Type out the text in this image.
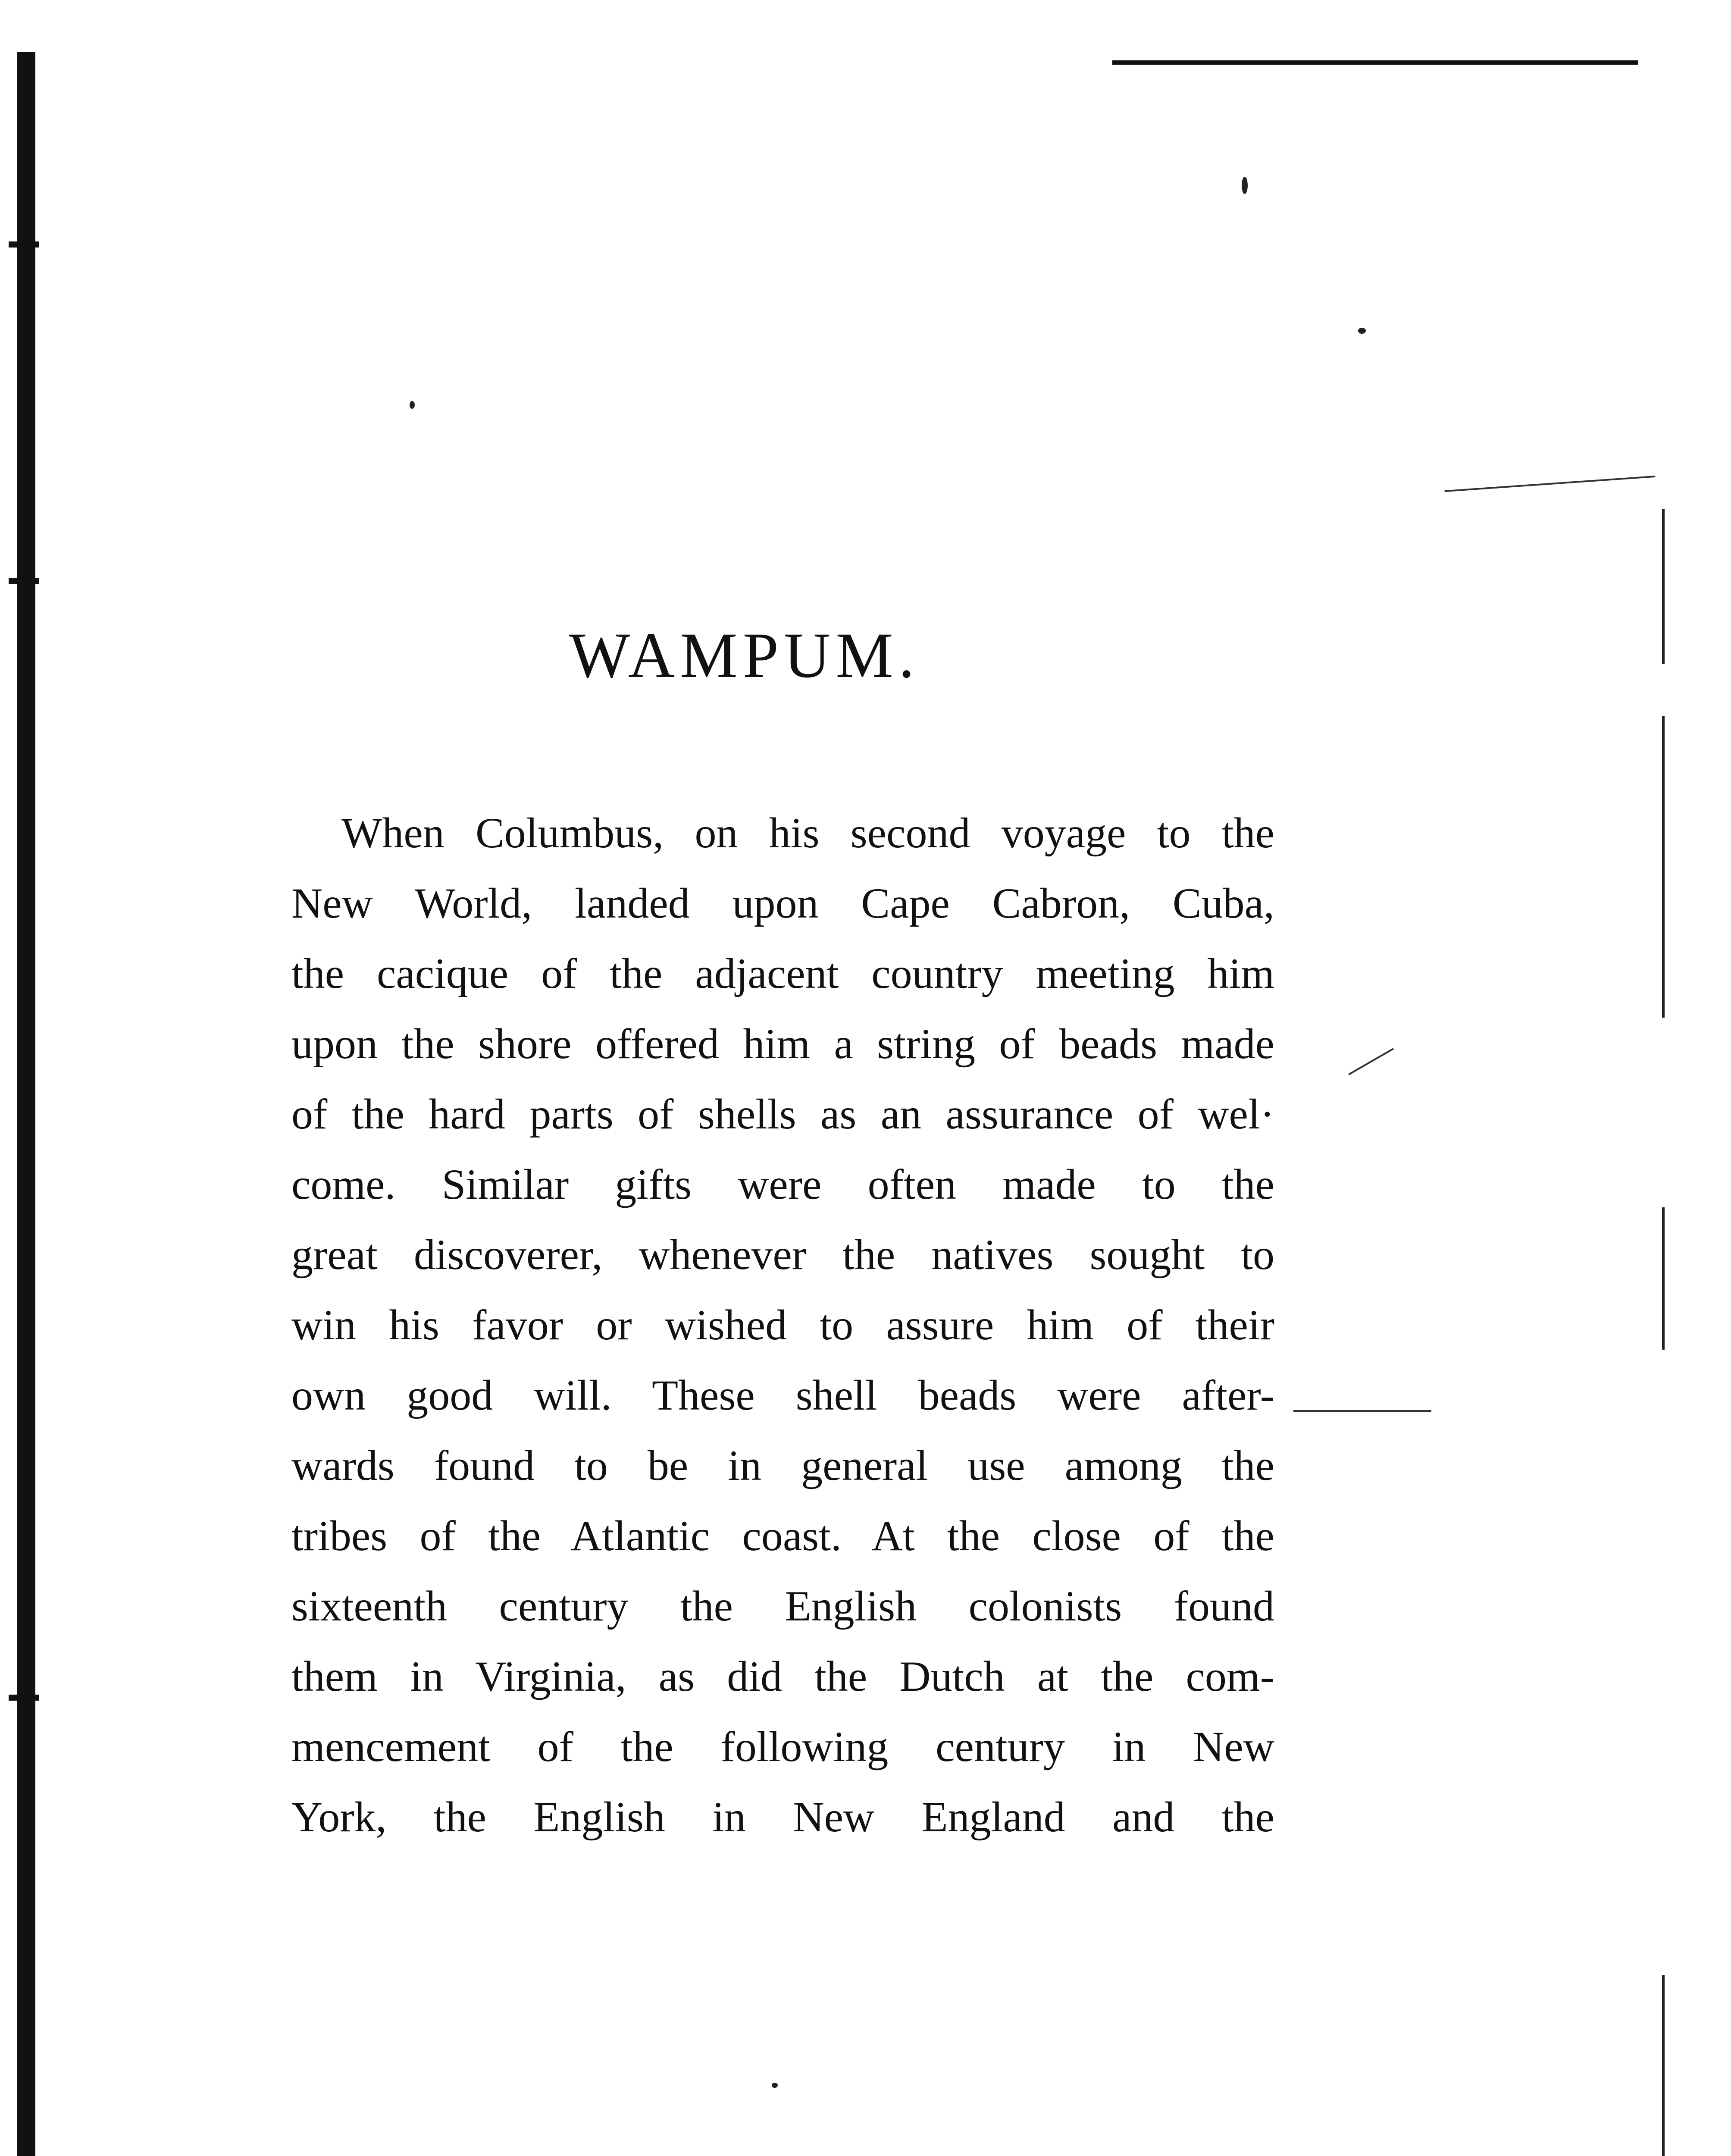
WAMPUM.
When Columbus, on his second voyage to the
New World, landed upon Cape Cabron, Cuba,
the cacique of the adjacent country meeting him
upon the shore offered him a string of beads made
of the hard parts of shells as an assurance of wel·
come. Similar gifts were often made to the
great discoverer, whenever the natives sought to
win his favor or wished to assure him of their
own good will. These shell beads were after-
wards found to be in general use among the
tribes of the Atlantic coast. At the close of the
sixteenth century the English colonists found
them in Virginia, as did the Dutch at the com-
mencement of the following century in New
York, the English in New England and the
